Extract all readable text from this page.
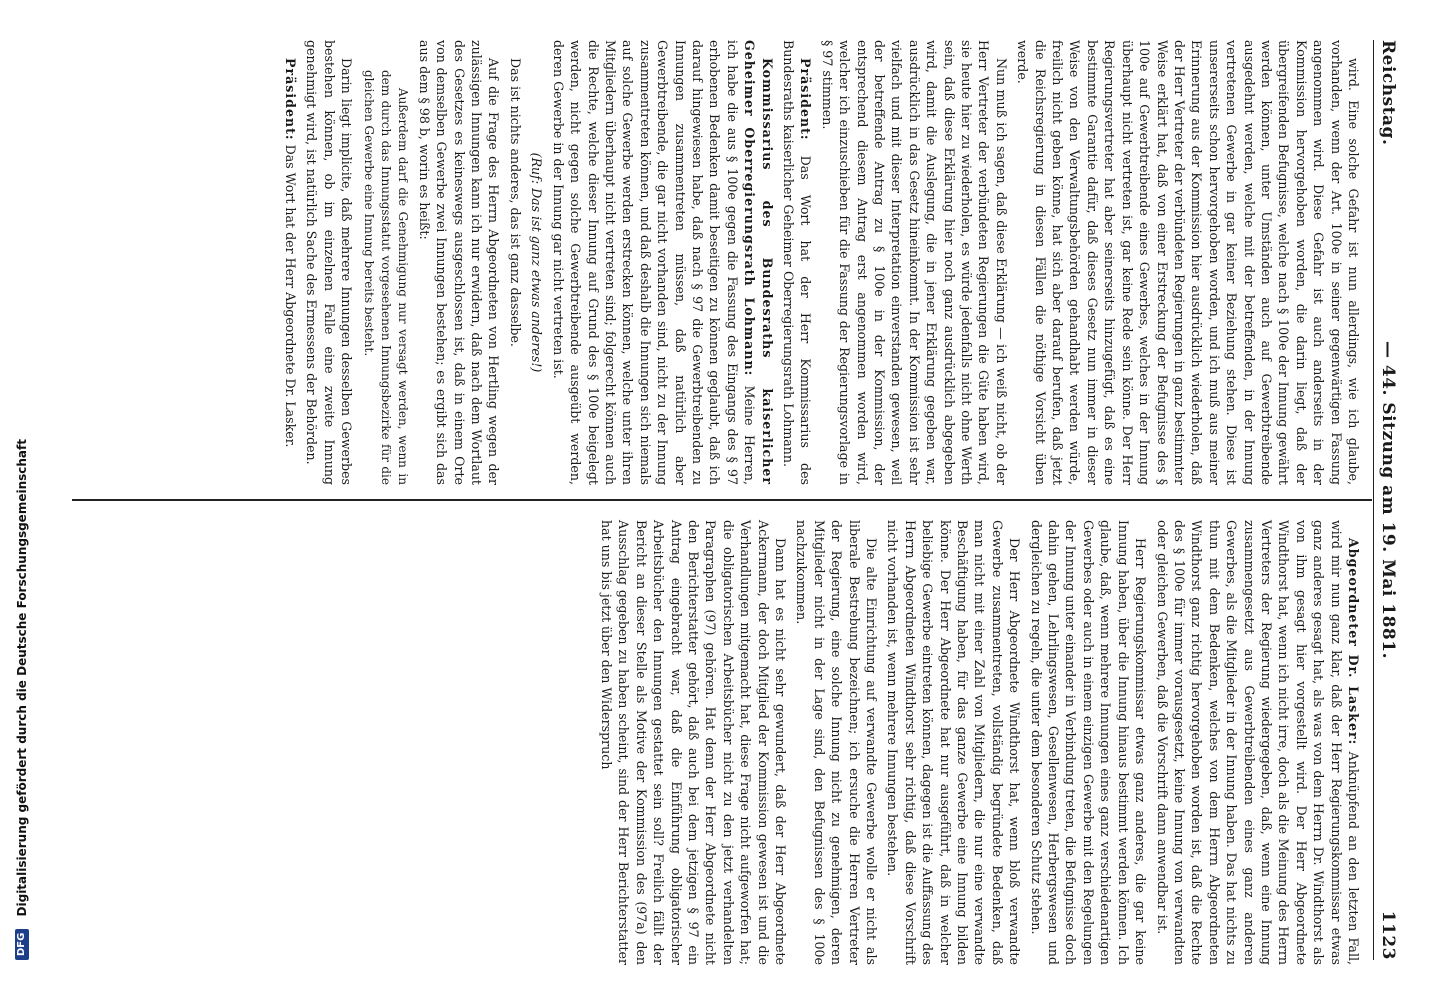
Reichstag.
— 44. Sitzung am 19. Mai 1881.
1123

wird. Eine solche Gefahr ist nun allerdings, wie ich glaube, vorhanden, wenn der Art. 100e in seiner gegenwärtigen Fassung angenommen wird. Diese Gefahr ist auch anderseits in der Kommission hervorgehoben worden, die darin liegt, daß der übergreifenden Befugnisse, welche nach § 100e der Innung gewährt werden können, unter Umständen auch auf Gewerbtreibende ausgedehnt werden, welche mit der betreffenden, in der Innung vertretenen Gewerbe in gar keiner Beziehung stehen. Diese ist unsererseits schon hervorgehoben worden, und ich muß aus meiner Erinnerung aus der Kommission hier ausdrücklich wiederholen, daß der Herr Vertreter der verbündeten Regierungen in ganz bestimmter Weise erklärt hat, daß von einer Erstreckung der Befugnisse des § 100e auf Gewerbtreibende eines Gewerbes, welches in der Innung überhaupt nicht vertreten ist, gar keine Rede sein könne. Der Herr Regierungsvertreter hat aber seinerseits hinzugefügt, daß es eine bestimmte Garantie dafür, daß dieses Gesetz nun immer in dieser Weise von den Verwaltungsbehörden gehandhabt werden würde, freilich nicht geben könne, hat sich aber darauf berufen, daß jetzt die Reichsregierung in diesen Fällen die nöthige Vorsicht üben werde.

Nun muß ich sagen, daß diese Erklärung — ich weiß nicht, ob der Herr Vertreter der verbündeten Regierungen die Güte haben wird, sie heute hier zu wiederholen, es würde jedenfalls nicht ohne Werth sein, daß diese Erklärung hier noch ganz ausdrücklich abgegeben wird, damit die Auslegung, die in jener Erklärung gegeben war, ausdrücklich in das Gesetz hineinkommt. In der Kommission ist sehr vielfach und mit dieser Interpretation einverstanden gewesen, weil der betreffende Antrag zu § 100e in der Kommission, der entsprechend diesem Antrag erst angenommen worden wird, welcher ich einzuschieben für die Fassung der Regierungsvorlage in § 97 stimmen.

Präsident: Das Wort hat der Herr Kommissarius des Bundesraths kaiserlicher Geheimer Oberregierungsrath Lohmann.

Kommissarius des Bundesraths kaiserlicher Geheimer Oberregierungsrath Lohmann: Meine Herren, ich habe die aus § 100e gegen die Fassung des Eingangs des § 97 erhobenen Bedenken damit beseitigen zu können geglaubt, daß ich darauf hingewiesen habe, daß nach § 97 die Gewerbtreibenden zu Innungen zusammentreten müssen, daß natürlich aber Gewerbtreibende, die gar nicht vorhanden sind, nicht zu der Innung zusammentreten können, und daß deshalb die Innungen sich niemals auf solche Gewerbe werden erstrecken können, welche unter ihren Mitgliedern überhaupt nicht vertreten sind; folgerecht können auch die Rechte, welche dieser Innung auf Grund des § 100e beigelegt werden, nicht gegen solche Gewerbtreibende ausgeübt werden, deren Gewerbe in der Innung gar nicht vertreten ist.

(Ruf: Das ist ganz etwas anderes!)

Das ist nichts anderes, das ist ganz dasselbe.

Auf die Frage des Herrn Abgeordneten von Hertling wegen der zulässigen Innungen kann ich nur erwidern, daß nach dem Wortlaut des Gesetzes es keineswegs ausgeschlossen ist, daß in einem Orte von demselben Gewerbe zwei Innungen bestehen; es ergibt sich das aus dem § 98 b, worin es heißt:

Außerdem darf die Genehmigung nur versagt werden, wenn in dem durch das Innungsstatut vorgesehenen Innungsbezirke für die gleichen Gewerbe eine Innung bereits besteht.

Darin liegt implicite, daß mehrere Innungen desselben Gewerbes bestehen können, ob im einzelnen Falle eine zweite Innung genehmigt wird, ist natürlich Sache des Ermessens der Behörden.

Präsident: Das Wort hat der Herr Abgeordnete Dr. Lasker.

Abgeordneter Dr. Lasker: Anknüpfend an den letzten Fall, wird mir nun ganz klar, daß der Herr Regierungskommissar etwas ganz anderes gesagt hat, als was von dem Herrn Dr. Windthorst als von ihm gesagt hier vorgestellt wird. Der Herr Abgeordnete Windthorst hat, wenn ich nicht irre, doch als die Meinung des Herrn Vertreters der Regierung wiedergegeben, daß, wenn eine Innung zusammengesetzt aus Gewerbtreibenden eines ganz anderen Gewerbes, als die Mitglieder in der Innung haben. Das hat nichts zu thun mit dem Bedenken, welches von dem Herrn Abgeordneten Windthorst ganz richtig hervorgehoben worden ist, daß die Rechte des § 100e für immer vorausgesetzt, keine Innung von verwandten oder gleichen Gewerben, daß die Vorschrift dann anwendbar ist.

Herr Regierungskommissar etwas ganz anderes, die gar keine Innung haben, über die Innung hinaus bestimmt werden können. Ich glaube, daß, wenn mehrere Innungen eines ganz verschiedenartigen Gewerbes oder auch in einem einzigen Gewerbe mit den Regelungen der Innung unter einander in Verbindung treten, die Befugnisse doch dahin gehen, Lehrlingswesen, Gesellenwesen, Herbergswesen und dergleichen zu regeln, die unter dem besonderen Schutz stehen.

Der Herr Abgeordnete Windthorst hat, wenn bloß verwandte Gewerbe zusammentreten, vollständig begründete Bedenken, daß man nicht mit einer Zahl von Mitgliedern, die nur eine verwandte Beschäftigung haben, für das ganze Gewerbe eine Innung bilden könne. Der Herr Abgeordnete hat nur ausgeführt, daß in welcher beliebige Gewerbe eintreten können, dagegen ist die Auffassung des Herrn Abgeordneten Windthorst sehr richtig, daß diese Vorschrift nicht vorhanden ist, wenn mehrere Innungen bestehen.

Die alte Einrichtung auf verwandte Gewerbe wolle er nicht als liberale Bestrebung bezeichnen; ich ersuche die Herren Vertreter der Regierung, eine solche Innung nicht zu genehmigen, deren Mitglieder nicht in der Lage sind, den Befugnissen des § 100e nachzukommen.

Dann hat es nicht sehr gewundert, daß der Herr Abgeordnete Ackermann, der doch Mitglied der Kommission gewesen ist und die Verhandlungen mitgemacht hat, diese Frage nicht aufgeworfen hat; die obligatorischen Arbeitsbücher nicht zu den jetzt verhandelten Paragraphen (97) gehören. Hat denn der Herr Abgeordnete nicht den Berichterstatter gehört, daß auch bei dem jetzigen § 97 ein Antrag eingebracht war, daß die Einführung obligatorischer Arbeitsbücher den Innungen gestattet sein soll? Freilich fällt der Bericht an dieser Stelle als Motive der Kommission des (97a) den Ausschlag gegeben zu haben scheint, sind der Herr Berichterstatter hat uns bis jetzt über den Widerspruch

DFG Digitalisierung gefördert durch die Deutsche Forschungsgemeinschaft
